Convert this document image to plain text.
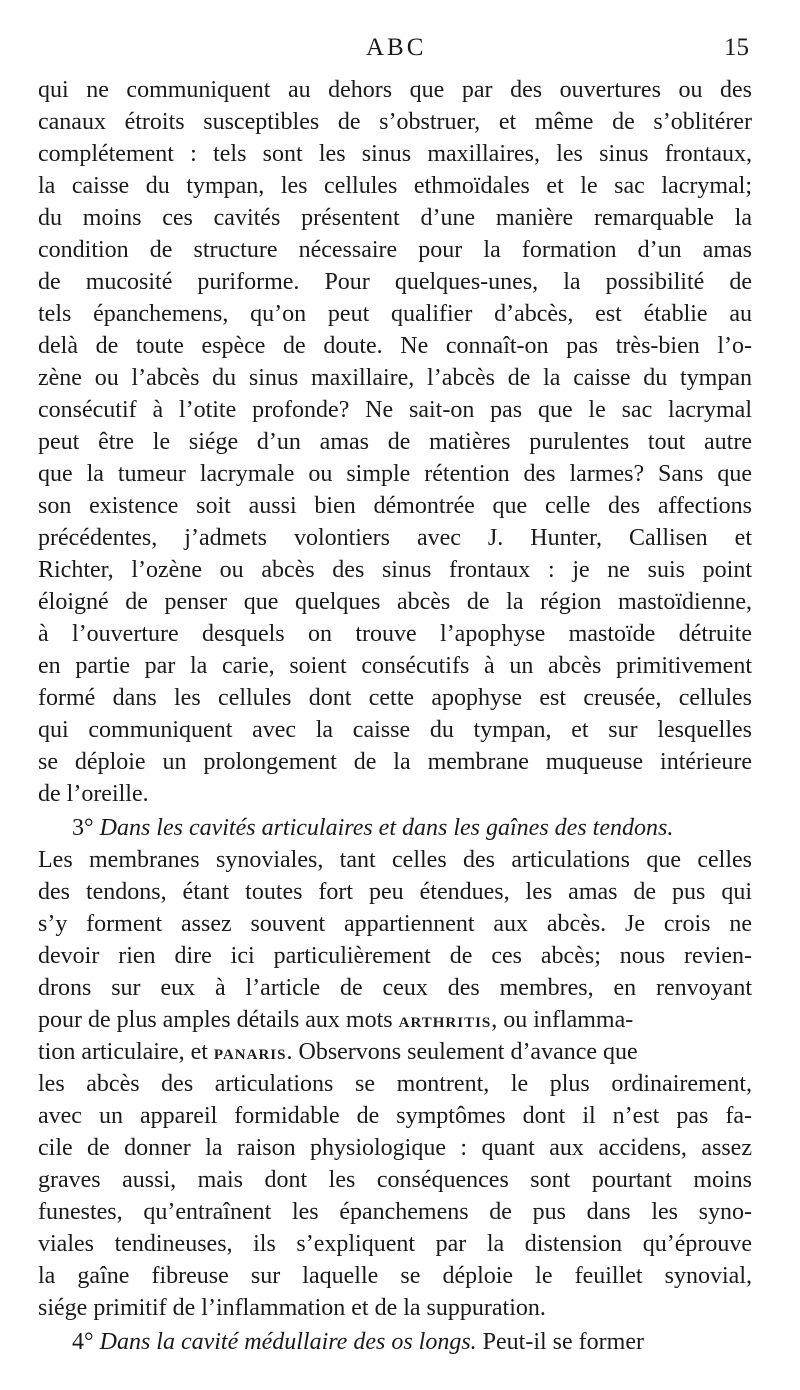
ABC	15
qui ne communiquent au dehors que par des ouvertures ou des
canaux étroits susceptibles de s’obstruer, et même de s’oblitérer
complétement : tels sont les sinus maxillaires, les sinus frontaux,
la caisse du tympan, les cellules ethmoïdales et le sac lacrymal;
du moins ces cavités présentent d’une manière remarquable la
condition de structure nécessaire pour la formation d’un amas
de mucosité puriforme. Pour quelques-unes, la possibilité de
tels épanchemens, qu’on peut qualifier d’abcès, est établie au
delà de toute espèce de doute. Ne connaît-on pas très-bien l’o-
zène ou l’abcès du sinus maxillaire, l’abcès de la caisse du tympan
consécutif à l’otite profonde? Ne sait-on pas que le sac lacrymal
peut être le siége d’un amas de matières purulentes tout autre
que la tumeur lacrymale ou simple rétention des larmes? Sans que
son existence soit aussi bien démontrée que celle des affections
précédentes, j’admets volontiers avec J. Hunter, Callisen et
Richter, l’ozène ou abcès des sinus frontaux : je ne suis point
éloigné de penser que quelques abcès de la région mastoïdienne,
à l’ouverture desquels on trouve l’apophyse mastoïde détruite
en partie par la carie, soient consécutifs à un abcès primitivement
formé dans les cellules dont cette apophyse est creusée, cellules
qui communiquent avec la caisse du tympan, et sur lesquelles
se déploie un prolongement de la membrane muqueuse intérieure
de l’oreille.
3° Dans les cavités articulaires et dans les gaînes des tendons.
Les membranes synoviales, tant celles des articulations que celles
des tendons, étant toutes fort peu étendues, les amas de pus qui
s’y forment assez souvent appartiennent aux abcès. Je crois ne
devoir rien dire ici particulièrement de ces abcès; nous revien-
drons sur eux à l’article de ceux des membres, en renvoyant
pour de plus amples détails aux mots ARTHRITIS, ou inflamma-
tion articulaire, et PANARIS. Observons seulement d’avance que
les abcès des articulations se montrent, le plus ordinairement,
avec un appareil formidable de symptômes dont il n’est pas fa-
cile de donner la raison physiologique : quant aux accidens, assez
graves aussi, mais dont les conséquences sont pourtant moins
funestes, qu’entraînent les épanchemens de pus dans les syno-
viales tendineuses, ils s’expliquent par la distension qu’éprouve
la gaîne fibreuse sur laquelle se déploie le feuillet synovial,
siége primitif de l’inflammation et de la suppuration.
4° Dans la cavité médullaire des os longs. Peut-il se former
